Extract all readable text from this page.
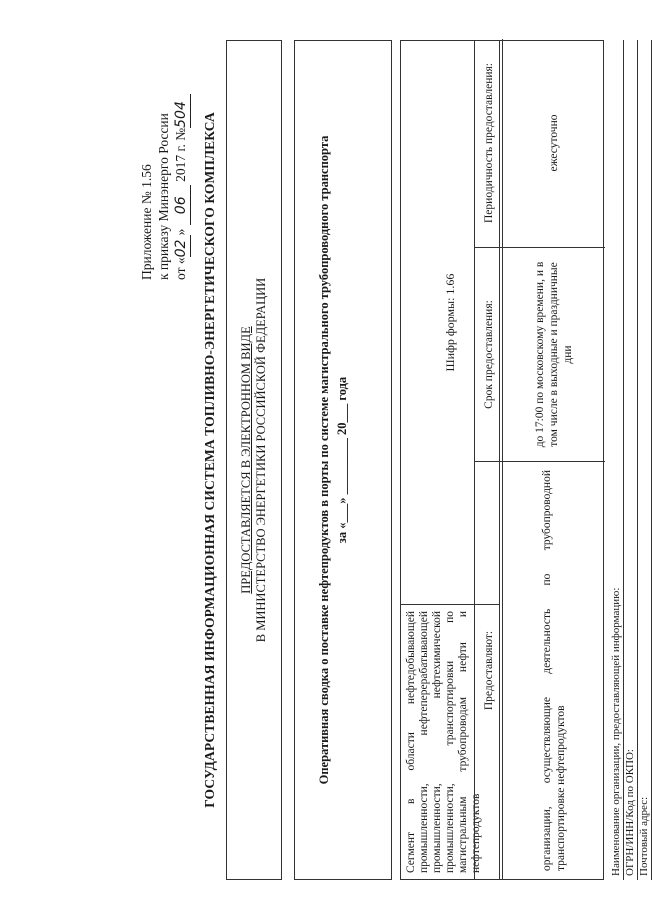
Приложение № 1.56 к приказу Минэнерго России от «02» 06 2017 г. №504 ГОСУДАРСТВЕННАЯ ИНФОРМАЦИОННАЯ СИСТЕМА ТОПЛИВНО-ЭНЕРГЕТИЧЕСКОГО КОМПЛЕКСА ПРЕДОСТАВЛЯЕТСЯ В ЭЛЕКТРОННОМ ВИДЕ В МИНИСТЕРСТВО ЭНЕРГЕТИКИ РОССИЙСКОЙ ФЕДЕРАЦИИ	Оперативная сводка о поставке нефтепродуктов в порты по системе магистрального трубопроводного транспорта за «___» _________ 20___ года
Сегмент в области нефтедобывающей промышленности, нефтеперерабатывающей промышленности, нефтехимической промышленности, транспортировки по магистральным трубопроводам нефти и нефтепродуктов
Шифр формы: 1.66
Предоставляют:
Срок предоставления:
Периодичность предоставления:
организации, осуществляющие деятельность по трубопроводной транспортировке нефтепродуктов
до 17:00 по московскому времени, и в том числе в выходные и праздничные дни
ежесуточно
Наименование организации, предоставляющей информацию: ОГРН/ИНН/Код по ОКПО: Почтовый адрес:
